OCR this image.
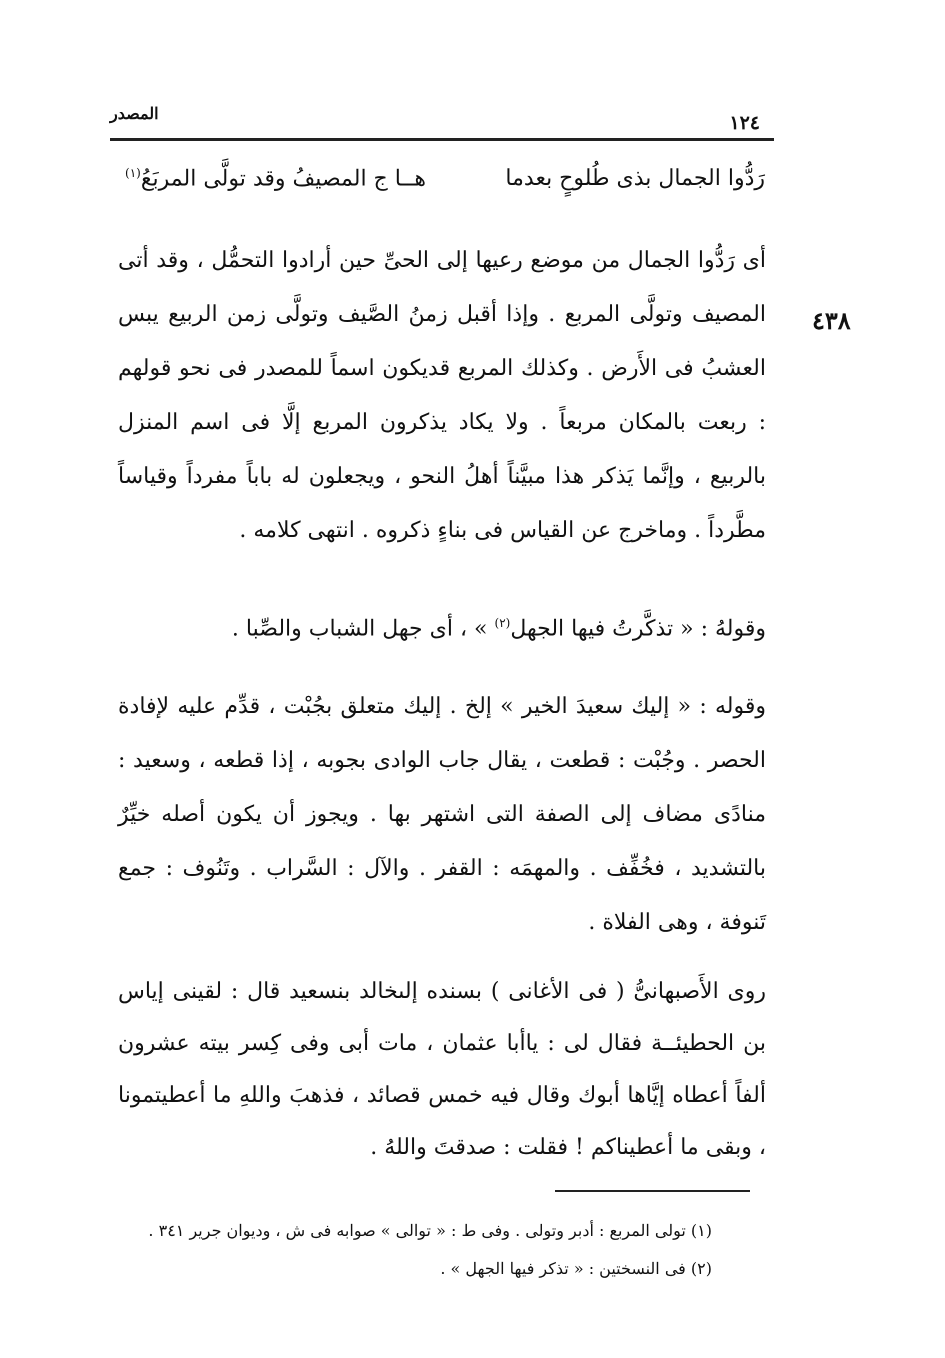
١٢٤
المصدر
رَدُّوا الجمال بذى طُلوحٍ بعدما
هــا ج المصيفُ وقد تولَّى المربَعُ$^{(١)}$
٤٣٨

أى رَدُّوا الجمال من موضع رعيها إلى الحىِّ حين أرادوا التحمُّل ، وقد أتى المصيف وتولَّى المربع . وإذا أقبل زمنُ الصَّيف وتولَّى زمن الربيع يبس العشبُ فى الأَرض . وكذلك المربع قديكون اسماً للمصدر فى نحو قولهم : ربعت بالمكان مربعاً . ولا يكاد يذكرون المربع إلَّا فى اسم المنزل بالربيع ، وإنَّما يَذكر هذا مبيَّناً أهلُ النحو ، ويجعلون له باباً مفرداً وقياساً مطَّرداً . وماخرج عن القياس فى بناءٍ ذكروه . انتهى كلامه .

وقولهُ : « تذكَّرتُ فيها الجهل$^{(٢)}$ » ، أى جهل الشباب والصِّبا .

وقوله : « إليك سعيدَ الخير » إلخ . إليك متعلق بجُبْت ، قدِّم عليه لإفادة الحصر . وجُبْت : قطعت ، يقال جاب الوادى بجوبه ، إذا قطعه ، وسعيد : منادًى مضاف إلى الصفة التى اشتهر بها . ويجوز أن يكون أصله خيِّرٌ بالتشديد ، فخُفِّف . والمهمَه : القفر . والآل : السَّراب . وتَنُوف : جمع تَنوفة ، وهى الفلاة .

روى الأَصبهانىُّ ( فى الأغانى ) بسنده إلىخالد بنسعيد قال : لقينى إياس بن الحطيئــة فقال لى : ياأبا عثمان ، مات أبى وفى كِسر بيته عشرون ألفاً أعطاه إيَّاها أبوك وقال فيه خمس قصائد ، فذهبَ واللهِ ما أعطيتمونا ، وبقى ما أعطيناكم ! فقلت : صدقتَ واللهُ .

(١) تولى المربع : أدبر وتولى . وفى ط : « توالى » صوابه فى ش ، وديوان جرير ٣٤١ .
(٢) فى النسختين : « تذكر فيها الجهل » .
